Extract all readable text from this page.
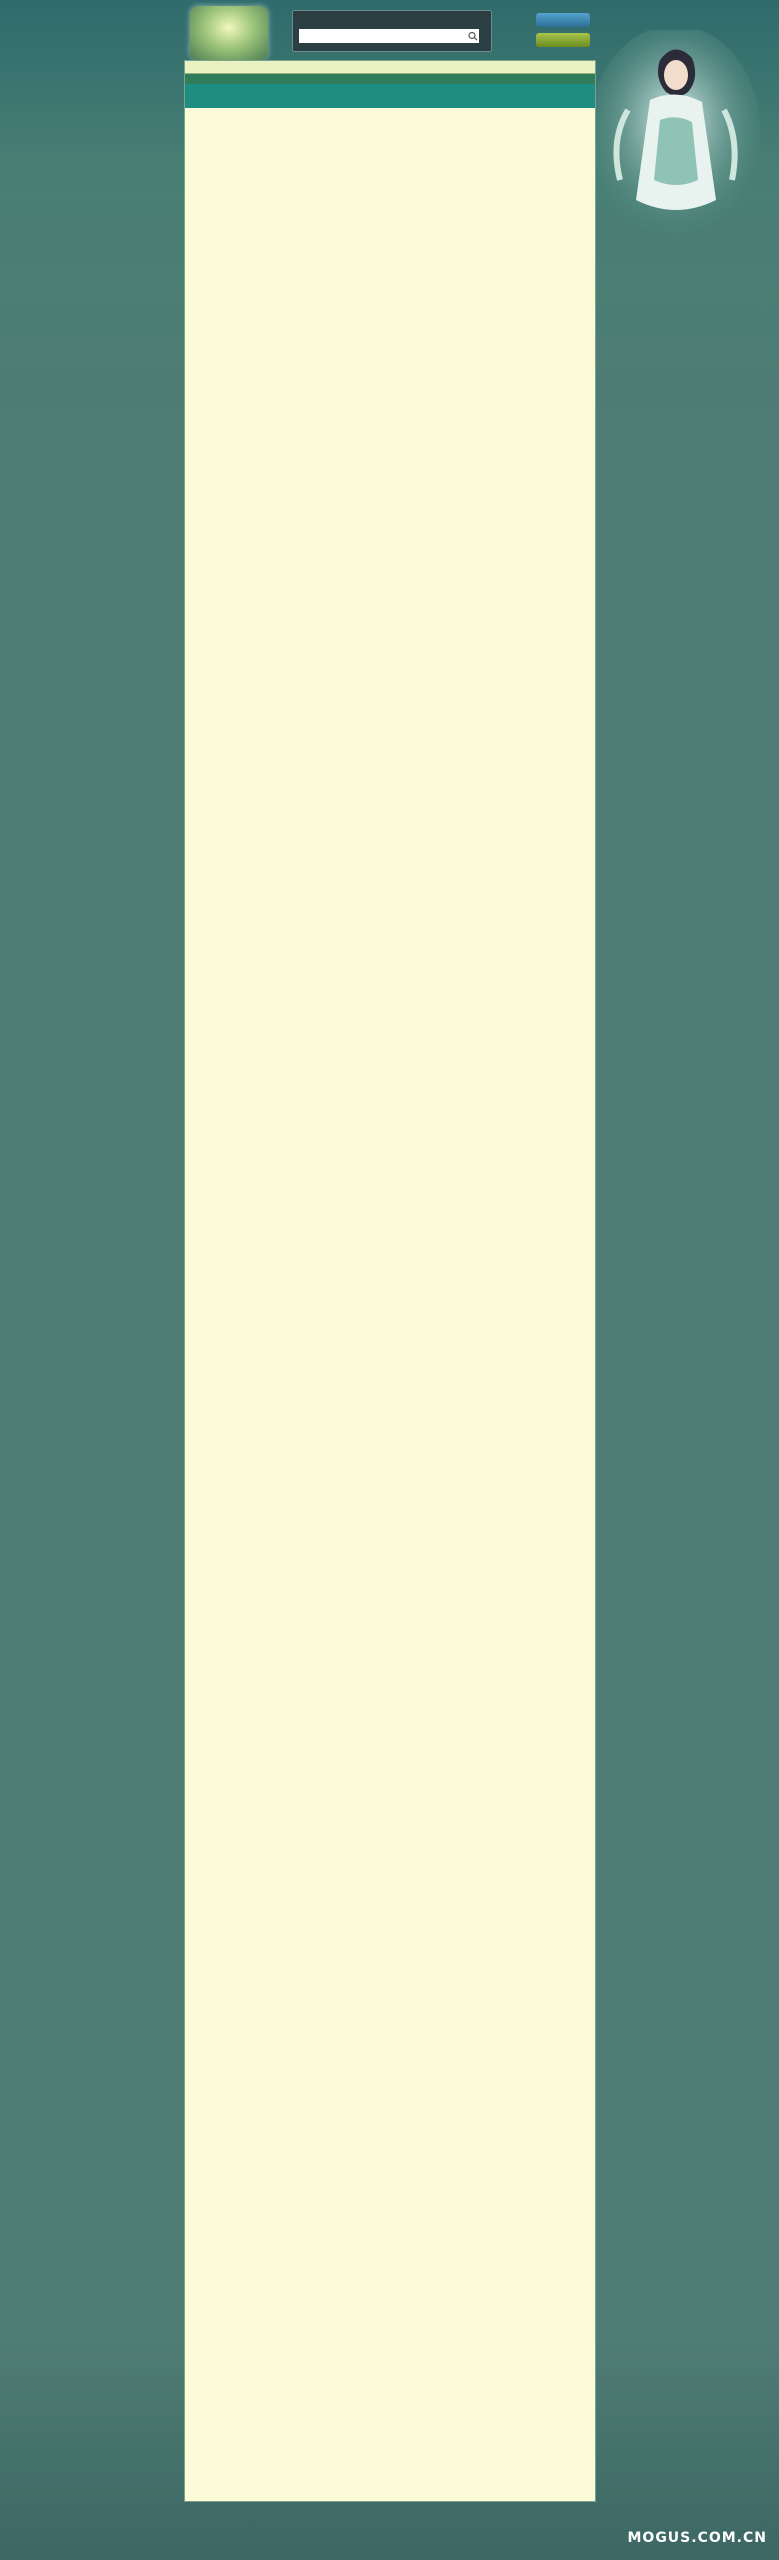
MOGUS.COM.CN
